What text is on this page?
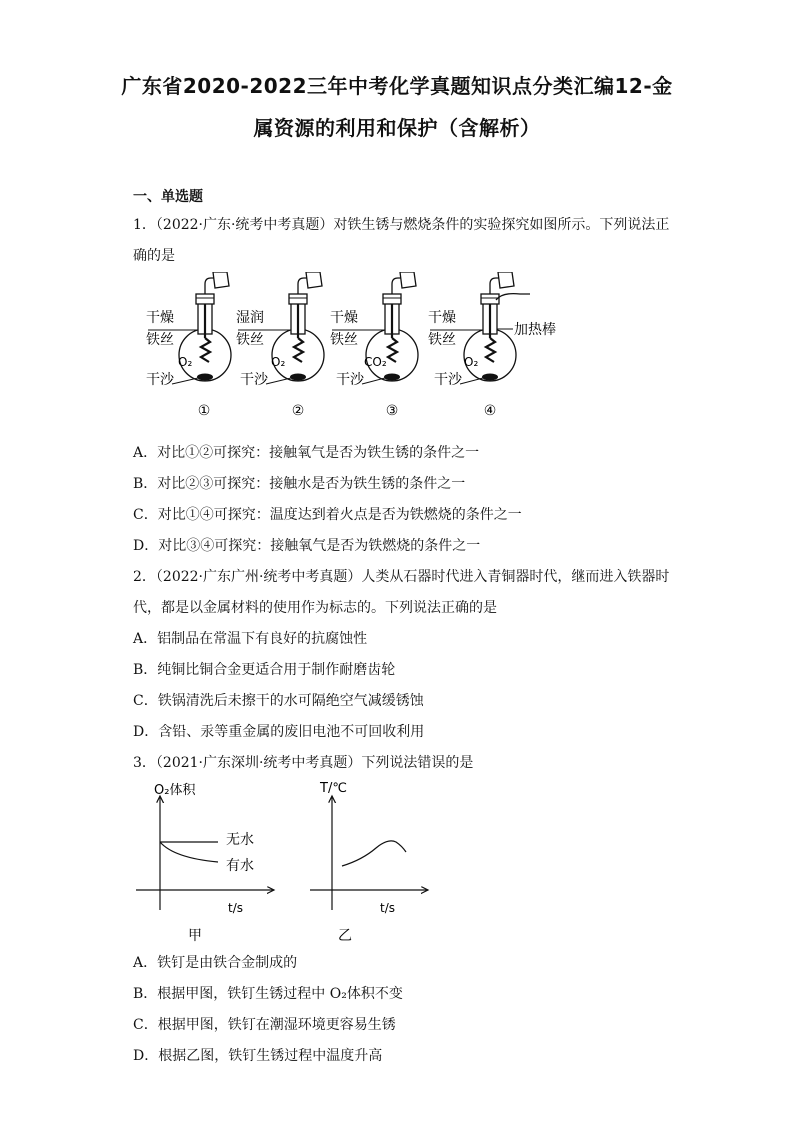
广东省2020-2022三年中考化学真题知识点分类汇编12-金
属资源的利用和保护（含解析）
一、单选题
1．（2022·广东·统考中考真题）对铁生锈与燃烧条件的实验探究如图所示。下列说法正
确的是
干燥
铁丝
O₂
干沙
①
湿润
铁丝
O₂
干沙
②
干燥
铁丝
CO₂
干沙
③
干燥
铁丝
O₂
干沙
加热棒
④
A．对比①②可探究：接触氧气是否为铁生锈的条件之一
B．对比②③可探究：接触水是否为铁生锈的条件之一
C．对比①④可探究：温度达到着火点是否为铁燃烧的条件之一
D．对比③④可探究：接触氧气是否为铁燃烧的条件之一
2．（2022·广东广州·统考中考真题）人类从石器时代进入青铜器时代，继而进入铁器时
代，都是以金属材料的使用作为标志的。下列说法正确的是
A．铝制品在常温下有良好的抗腐蚀性
B．纯铜比铜合金更适合用于制作耐磨齿轮
C．铁锅清洗后未擦干的水可隔绝空气减缓锈蚀
D．含铅、汞等重金属的废旧电池不可回收利用
3．（2021·广东深圳·统考中考真题）下列说法错误的是
O₂体积
无水
有水
t/s
甲
T/℃
t/s
乙
A．铁钉是由铁合金制成的
B．根据甲图，铁钉生锈过程中 O₂体积不变
C．根据甲图，铁钉在潮湿环境更容易生锈
D．根据乙图，铁钉生锈过程中温度升高
